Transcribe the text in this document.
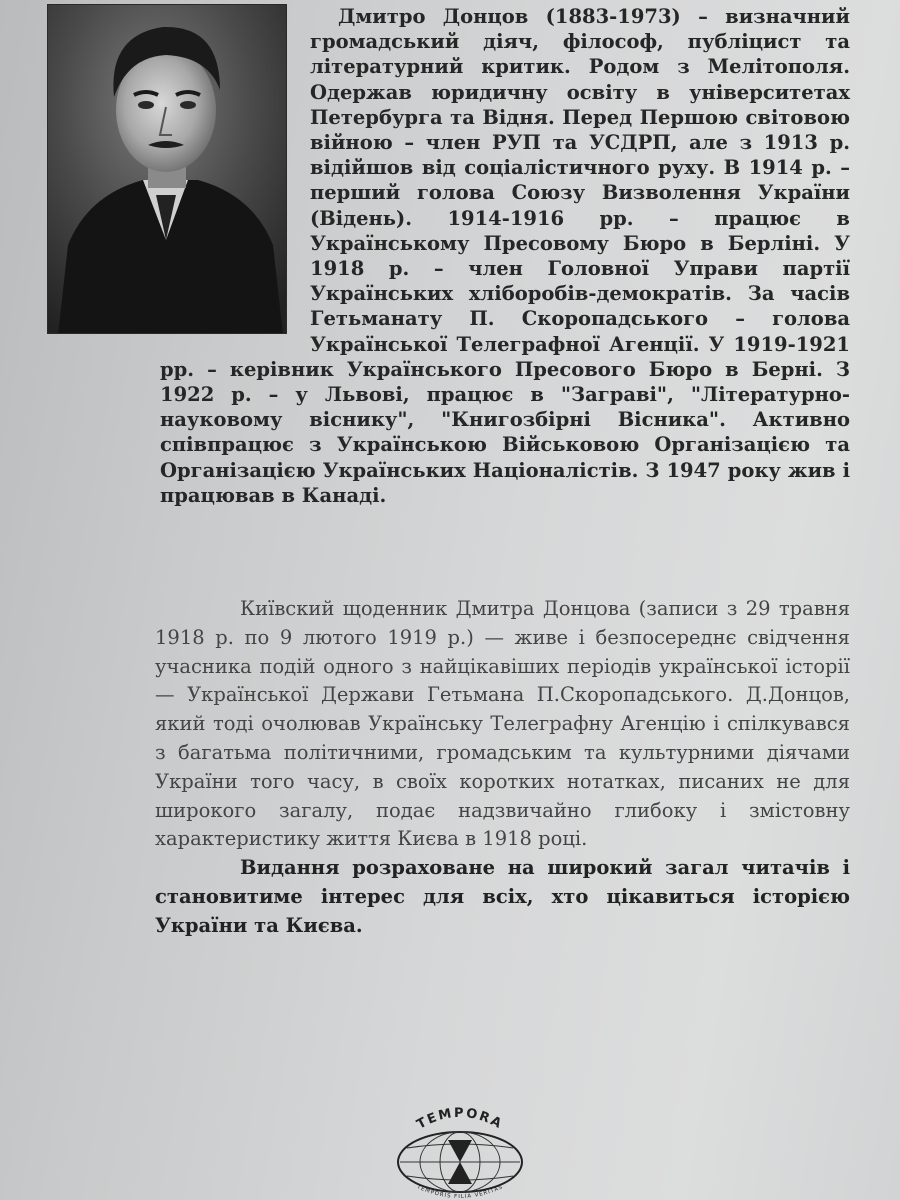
Дмитро Донцов (1883-1973) – визначний громадський діяч, філософ, публіцист та літературний критик. Родом з Мелітополя. Одержав юридичну освіту в університетах Петербурга та Відня. Перед Першою світовою війною – член РУП та УСДРП, але з 1913 р. відійшов від соціалістичного руху. В 1914 р. – перший голова Союзу Визволення України (Відень). 1914-1916 рр. – працює в Українському Пресовому Бюро в Берліні. У 1918 р. – член Головної Управи партії Українських хліборобів-демократів. За часів Гетьманату П. Скоропадського – голова Української Телеграфної Агенції. У 1919-1921 рр. – керівник Українського Пресового Бюро в Берні. З 1922 р. – у Львові, працює в "Заграві", "Літературно-науковому віснику", "Книгозбірні Вісника". Активно співпрацює з Українською Військовою Організацією та Організацією Українських Націоналістів. З 1947 року жив і працював в Канаді.

Київский щоденник Дмитра Донцова (записи з 29 травня 1918 р. по 9 лютого 1919 р.) — живе і безпосереднє свідчення учасника подій одного з найцікавіших періодів української історії — Української Держави Гетьмана П.Скоропадського. Д.Донцов, який тоді очолював Українську Телеграфну Агенцію і спілкувався з багатьма політичними, громадським та культурними діячами України того часу, в своїх коротких нотатках, писаних не для широкого загалу, подає надзвичайно глибоку і змістовну характеристику життя Києва в 1918 році.

Видання розраховане на широкий загал читачів і становитиме інтерес для всіх, хто цікавиться історією України та Києва.

TEMPORA
TEMPORIS FILIA VERITAS
